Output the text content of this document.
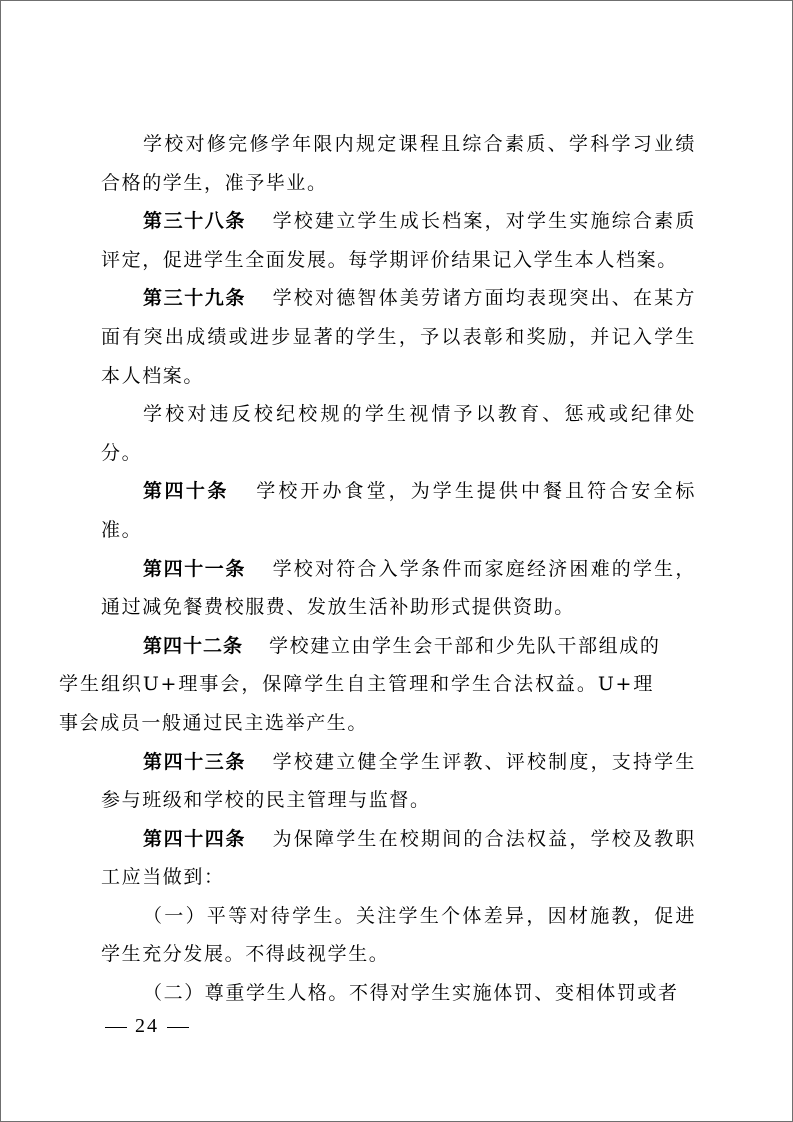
学校对修完修学年限内规定课程且综合素质、学科学习业绩合格的学生，准予毕业。

第三十八条 学校建立学生成长档案，对学生实施综合素质评定，促进学生全面发展。每学期评价结果记入学生本人档案。

第三十九条 学校对德智体美劳诸方面均表现突出、在某方面有突出成绩或进步显著的学生，予以表彰和奖励，并记入学生本人档案。

学校对违反校纪校规的学生视情予以教育、惩戒或纪律处分。

第四十条 学校开办食堂，为学生提供中餐且符合安全标准。

第四十一条 学校对符合入学条件而家庭经济困难的学生，通过减免餐费校服费、发放生活补助形式提供资助。

第四十二条 学校建立由学生会干部和少先队干部组成的
学生组织U+理事会，保障学生自主管理和学生合法权益。U+理事会成员一般通过民主选举产生。

第四十三条 学校建立健全学生评教、评校制度，支持学生参与班级和学校的民主管理与监督。

第四十四条 为保障学生在校期间的合法权益，学校及教职工应当做到：

（一）平等对待学生。关注学生个体差异，因材施教，促进学生充分发展。不得歧视学生。

（二）尊重学生人格。不得对学生实施体罚、变相体罚或者

24
